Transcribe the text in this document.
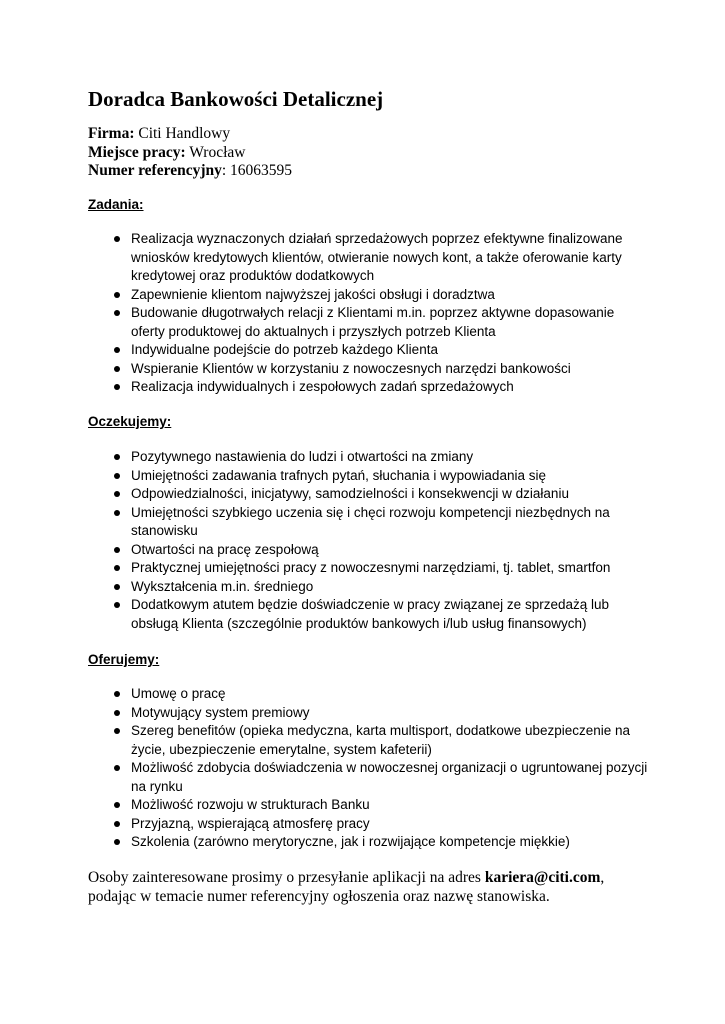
Doradca Bankowości Detalicznej
Firma: Citi Handlowy
Miejsce pracy: Wrocław
Numer referencyjny: 16063595
Zadania:
Realizacja wyznaczonych działań sprzedażowych poprzez efektywne finalizowane wniosków kredytowych klientów, otwieranie nowych kont, a także oferowanie karty kredytowej oraz produktów dodatkowych
Zapewnienie klientom najwyższej jakości obsługi i doradztwa
Budowanie długotrwałych relacji z Klientami m.in. poprzez aktywne dopasowanie oferty produktowej do aktualnych i przyszłych potrzeb Klienta
Indywidualne podejście do potrzeb każdego Klienta
Wspieranie Klientów w korzystaniu z nowoczesnych narzędzi bankowości
Realizacja indywidualnych i zespołowych zadań sprzedażowych
Oczekujemy:
Pozytywnego nastawienia do ludzi i otwartości na zmiany
Umiejętności zadawania trafnych pytań, słuchania i wypowiadania się
Odpowiedzialności, inicjatywy, samodzielności i konsekwencji w działaniu
Umiejętności szybkiego uczenia się i chęci rozwoju kompetencji niezbędnych na stanowisku
Otwartości na pracę zespołową
Praktycznej umiejętności pracy z nowoczesnymi narzędziami, tj. tablet, smartfon
Wykształcenia m.in. średniego
Dodatkowym atutem będzie doświadczenie w pracy związanej ze sprzedażą lub obsługą Klienta (szczególnie produktów bankowych i/lub usług finansowych)
Oferujemy:
Umowę o pracę
Motywujący system premiowy
Szereg benefitów (opieka medyczna, karta multisport, dodatkowe ubezpieczenie na życie, ubezpieczenie emerytalne, system kafeterii)
Możliwość zdobycia doświadczenia w nowoczesnej organizacji o ugruntowanej pozycji na rynku
Możliwość rozwoju w strukturach Banku
Przyjazną, wspierającą atmosferę pracy
Szkolenia (zarówno merytoryczne, jak i rozwijające kompetencje miękkie)

Osoby zainteresowane prosimy o przesyłanie aplikacji na adres kariera@citi.com, podając w temacie numer referencyjny ogłoszenia oraz nazwę stanowiska.
